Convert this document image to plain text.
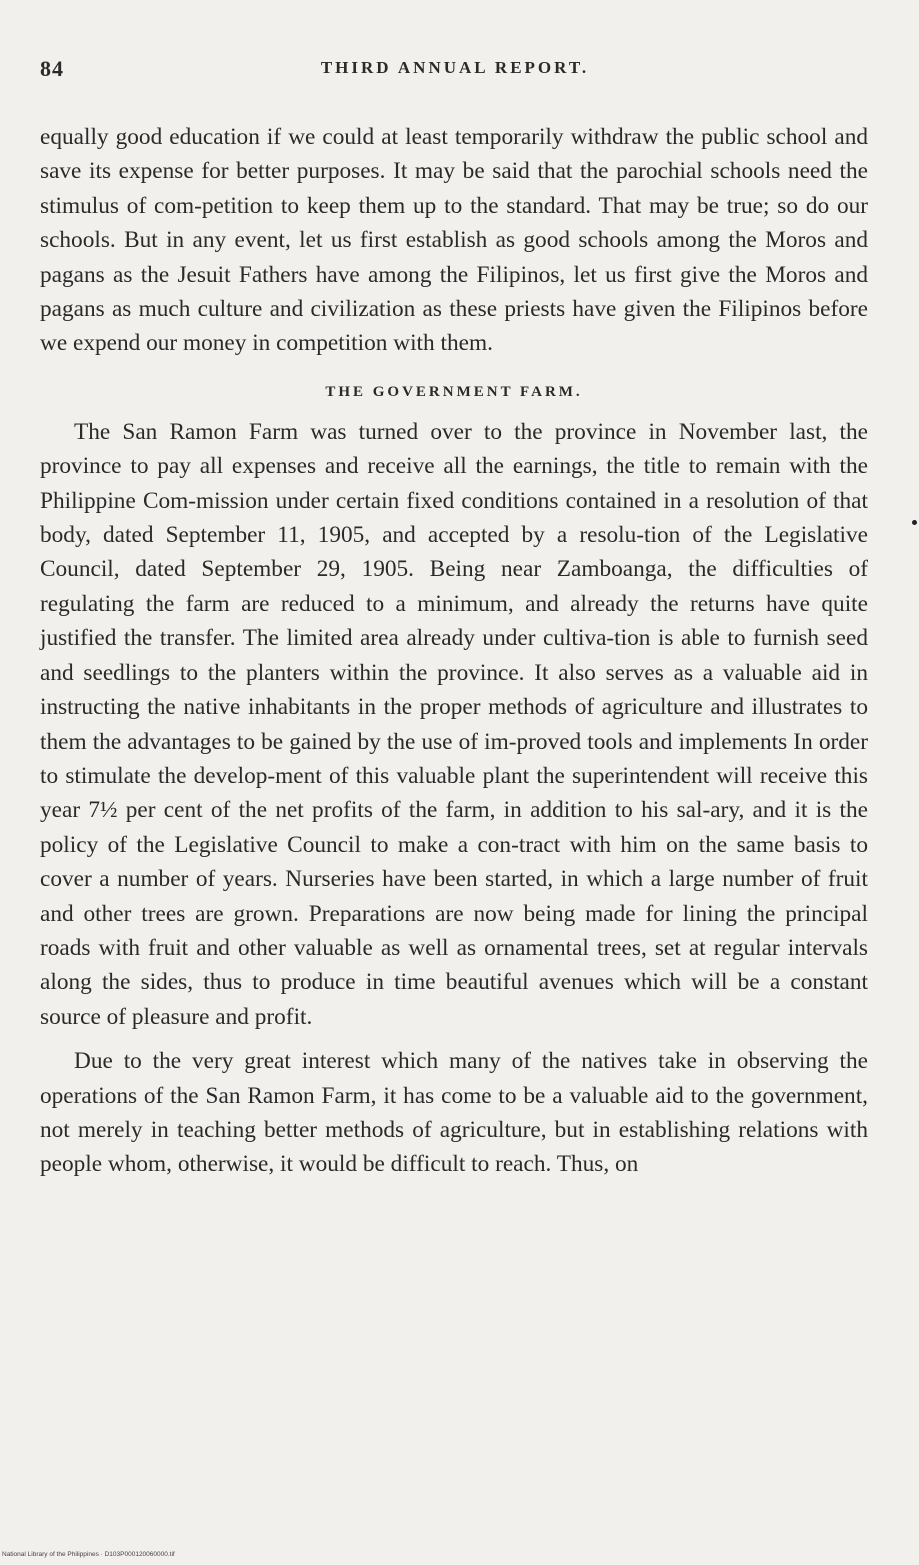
84	THIRD ANNUAL REPORT.

equally good education if we could at least temporarily withdraw the public school and save its expense for better purposes. It may be said that the parochial schools need the stimulus of com-petition to keep them up to the standard. That may be true; so do our schools. But in any event, let us first establish as good schools among the Moros and pagans as the Jesuit Fathers have among the Filipinos, let us first give the Moros and pagans as much culture and civilization as these priests have given the Filipinos before we expend our money in competition with them.

THE GOVERNMENT FARM.

The San Ramon Farm was turned over to the province in November last, the province to pay all expenses and receive all the earnings, the title to remain with the Philippine Com-mission under certain fixed conditions contained in a resolution of that body, dated September 11, 1905, and accepted by a resolu-tion of the Legislative Council, dated September 29, 1905. Being near Zamboanga, the difficulties of regulating the farm are reduced to a minimum, and already the returns have quite justified the transfer. The limited area already under cultiva-tion is able to furnish seed and seedlings to the planters within the province. It also serves as a valuable aid in instructing the native inhabitants in the proper methods of agriculture and illustrates to them the advantages to be gained by the use of im-proved tools and implements In order to stimulate the develop-ment of this valuable plant the superintendent will receive this year 7½ per cent of the net profits of the farm, in addition to his sal-ary, and it is the policy of the Legislative Council to make a con-tract with him on the same basis to cover a number of years. Nurseries have been started, in which a large number of fruit and other trees are grown. Preparations are now being made for lining the principal roads with fruit and other valuable as well as ornamental trees, set at regular intervals along the sides, thus to produce in time beautiful avenues which will be a constant source of pleasure and profit.

Due to the very great interest which many of the natives take in observing the operations of the San Ramon Farm, it has come to be a valuable aid to the government, not merely in teaching better methods of agriculture, but in establishing relations with people whom, otherwise, it would be difficult to reach. Thus, on

National Library of the Philippines · D103P000120060000.tif
